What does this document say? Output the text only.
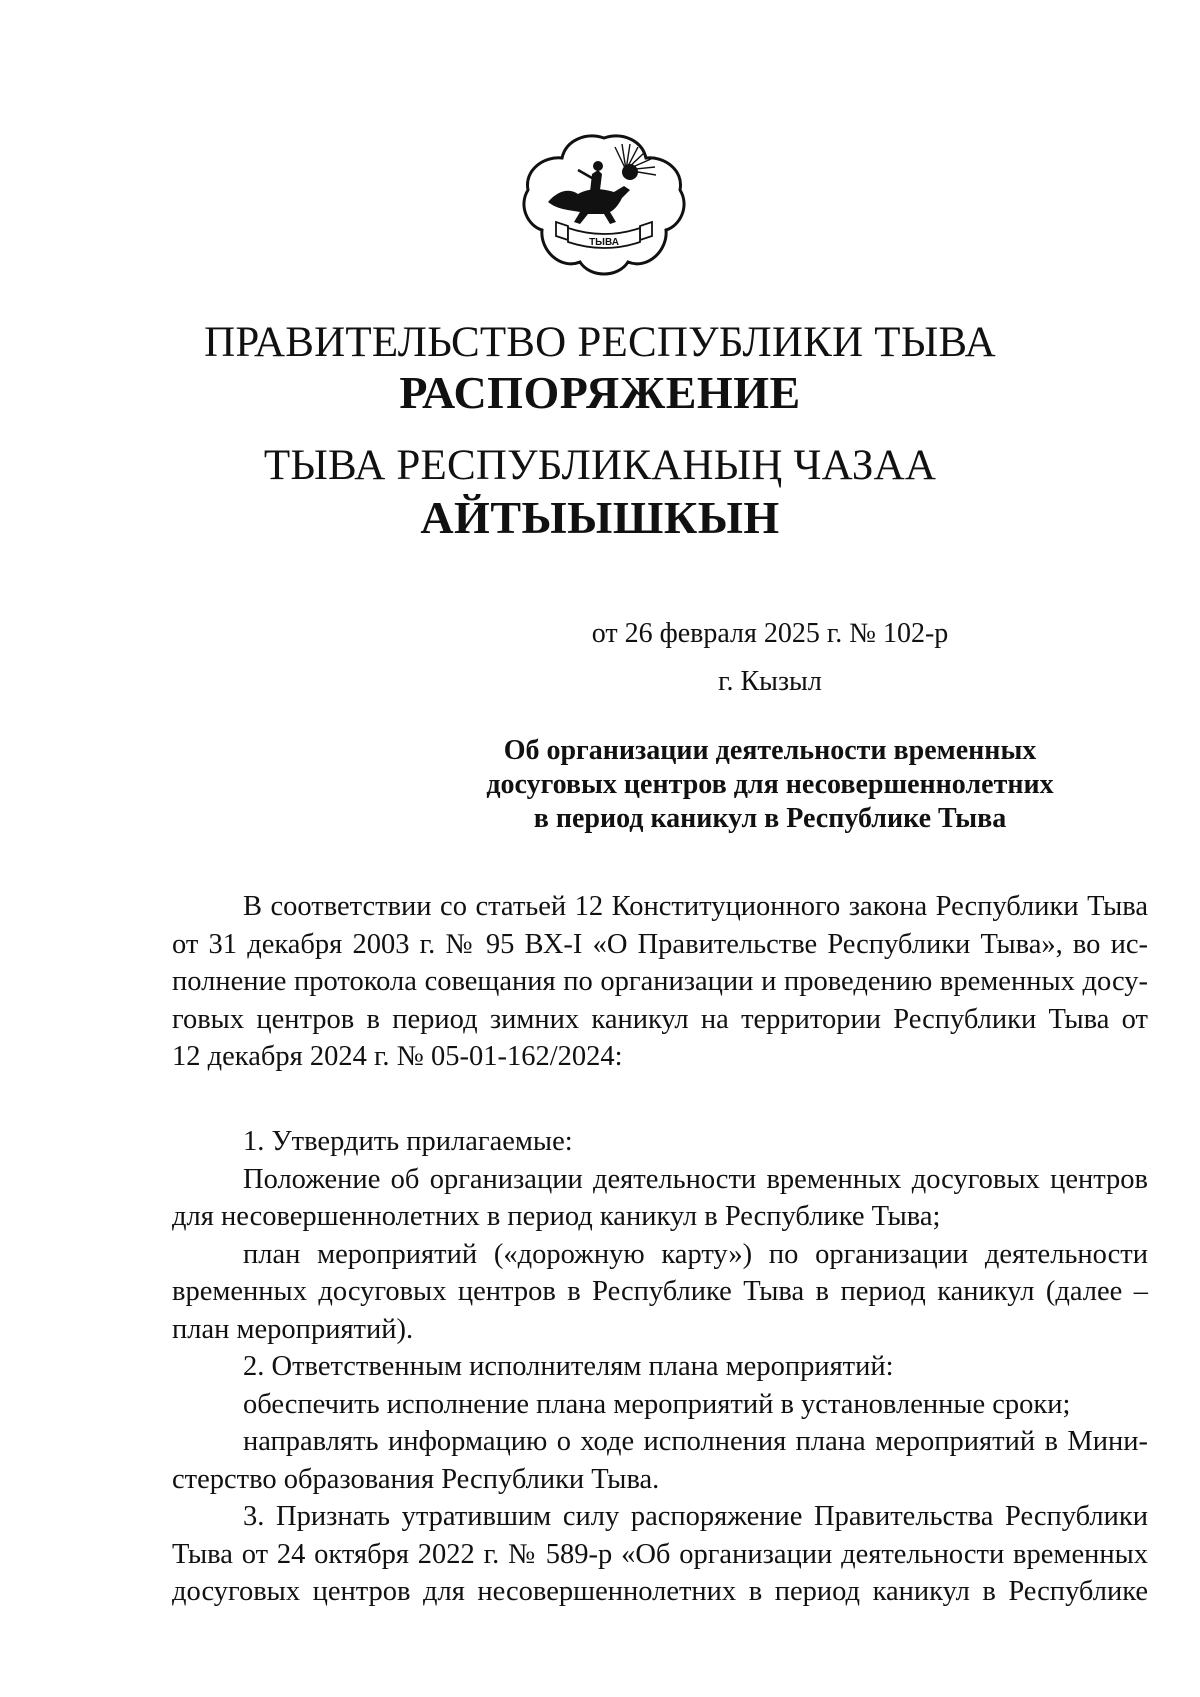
ТЫВА
ПРАВИТЕЛЬСТВО РЕСПУБЛИКИ ТЫВА
РАСПОРЯЖЕНИЕ
ТЫВА РЕСПУБЛИКАНЫҢ ЧАЗАА
АЙТЫЫШКЫН
от 26 февраля 2025 г. № 102-р
г. Кызыл
Об организации деятельности временных
досуговых центров для несовершеннолетних
в период каникул в Республике Тыва
В соответствии со статьей 12 Конституционного закона Республики Тыва
от 31 декабря 2003 г. № 95 ВХ-I «О Правительстве Республики Тыва», во ис-
полнение протокола совещания по организации и проведению временных досу-
говых центров в период зимних каникул на территории Республики Тыва от
12 декабря 2024 г. № 05-01-162/2024:
1. Утвердить прилагаемые:
Положение об организации деятельности временных досуговых центров
для несовершеннолетних в период каникул в Республике Тыва;
план мероприятий («дорожную карту») по организации деятельности
временных досуговых центров в Республике Тыва в период каникул (далее –
план мероприятий).
2. Ответственным исполнителям плана мероприятий:
обеспечить исполнение плана мероприятий в установленные сроки;
направлять информацию о ходе исполнения плана мероприятий в Мини-
стерство образования Республики Тыва.
3. Признать утратившим силу распоряжение Правительства Республики
Тыва от 24 октября 2022 г. № 589-р «Об организации деятельности временных
досуговых центров для несовершеннолетних в период каникул в Республике
